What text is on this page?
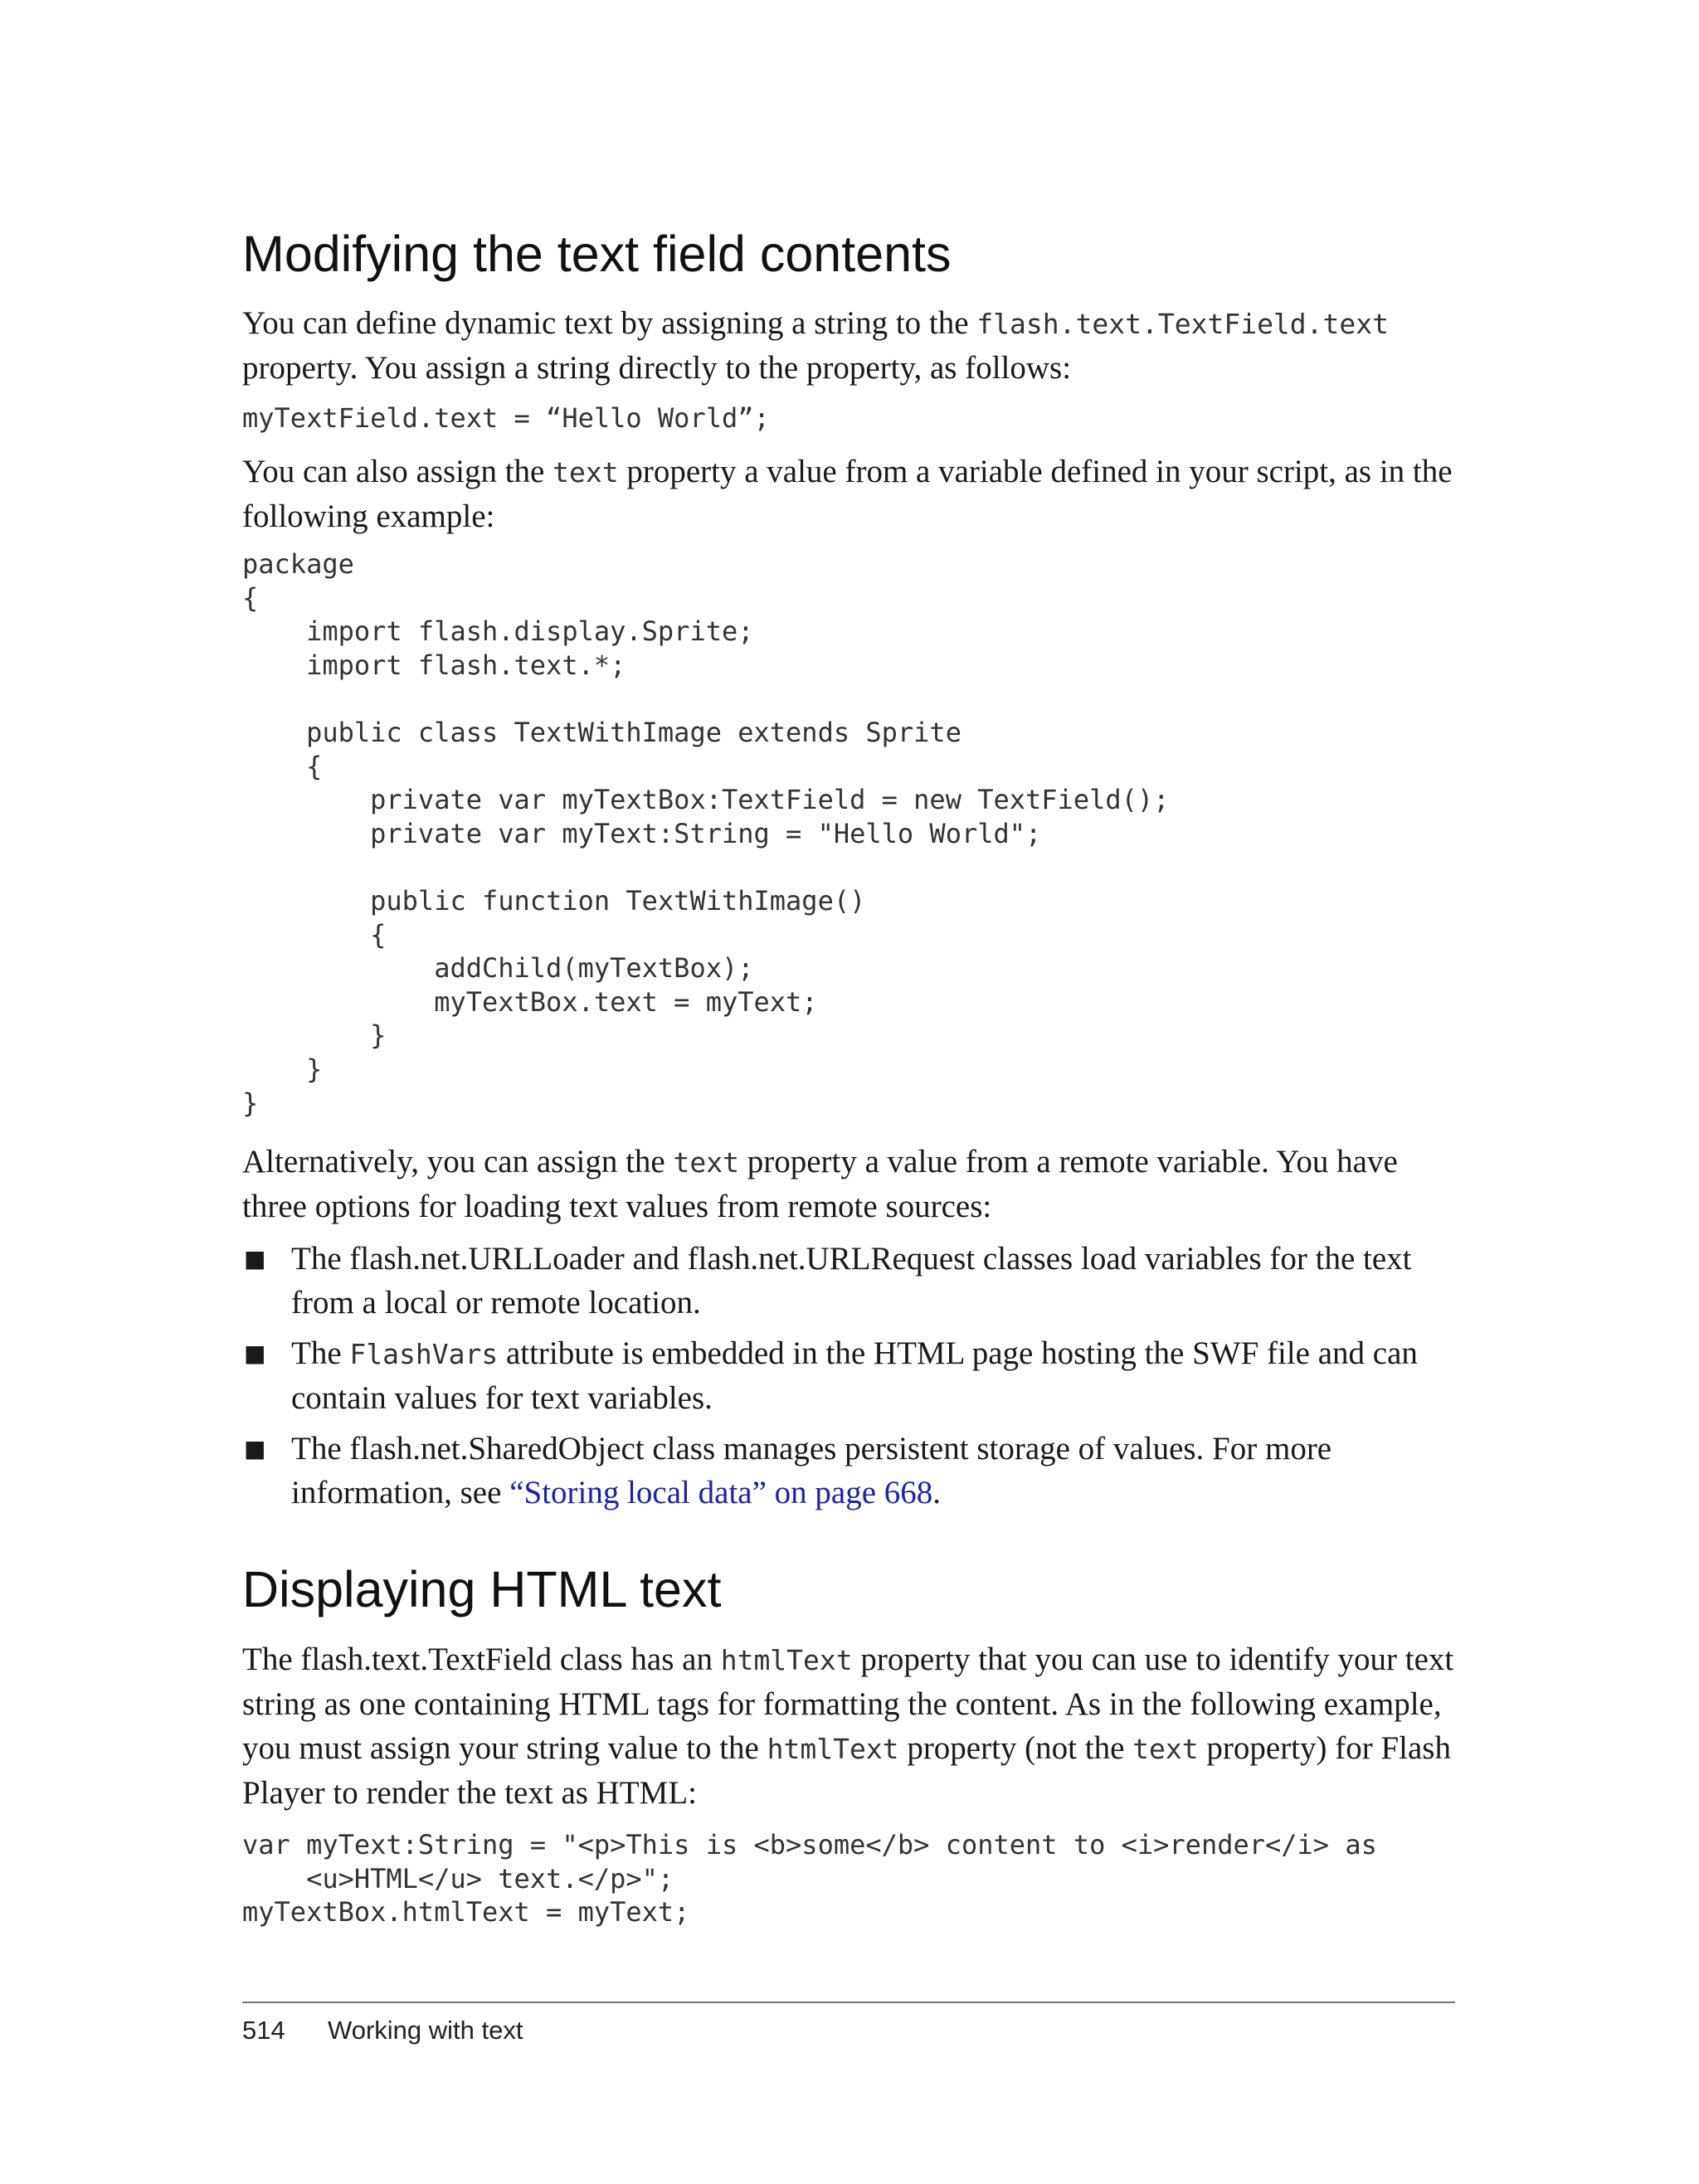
Modifying the text field contents

You can define dynamic text by assigning a string to the flash.text.TextField.text property. You assign a string directly to the property, as follows:

myTextField.text = “Hello World”;

You can also assign the text property a value from a variable defined in your script, as in the following example:

package
{
import flash.display.Sprite;
import flash.text.*;

public class TextWithImage extends Sprite
{
private var myTextBox:TextField = new TextField();
private var myText:String = "Hello World";

public function TextWithImage()
{
addChild(myTextBox);
myTextBox.text = myText;
}
}
}

Alternatively, you can assign the text property a value from a remote variable. You have three options for loading text values from remote sources:

■ The flash.net.URLLoader and flash.net.URLRequest classes load variables for the text from a local or remote location.
■ The FlashVars attribute is embedded in the HTML page hosting the SWF file and can contain values for text variables.
■ The flash.net.SharedObject class manages persistent storage of values. For more information, see “Storing local data” on page 668.
Displaying HTML text

The flash.text.TextField class has an htmlText property that you can use to identify your text string as one containing HTML tags for formatting the content. As in the following example, you must assign your string value to the htmlText property (not the text property) for Flash Player to render the text as HTML:

var myText:String = "<p>This is <b>some</b> content to <i>render</i> as
<u>HTML</u> text.</p>";
myTextBox.htmlText = myText;
514 Working with text
